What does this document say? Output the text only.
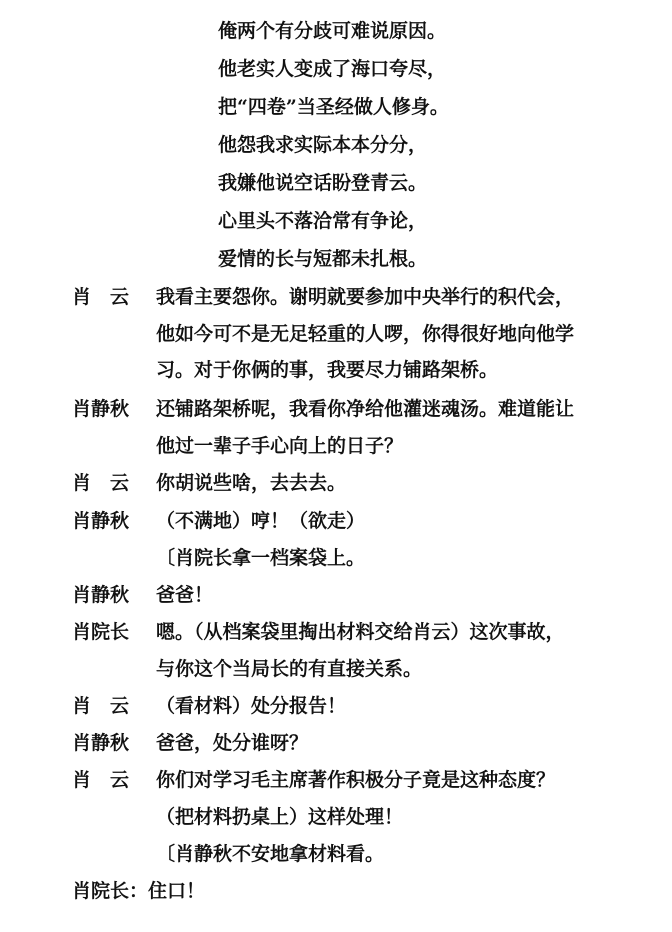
俺两个有分歧可难说原因。
他老实人变成了海口夸尽，
把“四卷”当圣经做人修身。
他怨我求实际本本分分，
我嫌他说空话盼登青云。
心里头不落洽常有争论，
爱情的长与短都未扎根。
肖　云 我看主要怨你。谢明就要参加中央举行的积代会，
他如今可不是无足轻重的人啰，你得很好地向他学
习。对于你俩的事，我要尽力铺路架桥。
肖静秋 还铺路架桥呢，我看你净给他灌迷魂汤。难道能让
他过一辈子手心向上的日子？
肖　云 你胡说些啥，去去去。
肖静秋 （不满地）哼！（欲走）
〔肖院长拿一档案袋上。
肖静秋 爸爸！
肖院长 嗯。（从档案袋里掏出材料交给肖云）这次事故，
与你这个当局长的有直接关系。
肖　云 （看材料）处分报告！
肖静秋 爸爸，处分谁呀？
肖　云 你们对学习毛主席著作积极分子竟是这种态度？
（把材料扔桌上）这样处理！
〔肖静秋不安地拿材料看。
肖院长：住口！
